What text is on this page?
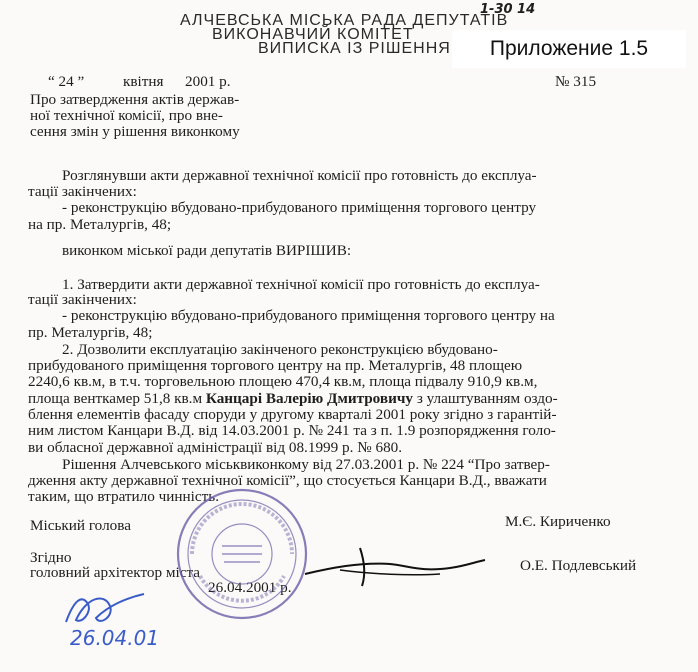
АЛЧЕВСЬКА МІСЬКА РАДА ДЕПУТАТІВ
ВИКОНАВЧИЙ КОМІТЕТ
ВИПИСКА ІЗ РІШЕННЯ
1-30 14
Приложение 1.5
“ 24 ”	квітня 2001 р.	№ 315
Про затвердження актів держав-
ної технічної комісії, про вне-
сення змін у рішення виконкому
Розглянувши акти державної технічної комісії про готовність до експлуа-
тації закінчених:
- реконструкцію вбудовано-прибудованого приміщення торгового центру
на пр. Металургів, 48;
виконком міської ради депутатів ВИРІШИВ:
1. Затвердити акти державної технічної комісії про готовність до експлуа-
тації закінчених:
- реконструкцію вбудовано-прибудованого приміщення торгового центру на
пр. Металургів, 48;
2. Дозволити експлуатацію закінченого реконструкцією вбудовано-
прибудованого приміщення торгового центру на пр. Металургів, 48 площею
2240,6 кв.м, в т.ч. торговельною площею 470,4 кв.м, площа підвалу 910,9 кв.м,
площа венткамер 51,8 кв.м Канцарі Валерію Дмитровичу з улаштуванням оздо-
блення елементів фасаду споруди у другому кварталі 2001 року згідно з гарантій-
ним листом Канцари В.Д. від 14.03.2001 р. № 241 та з п. 1.9 розпорядження голо-
ви обласної державної адміністрації від 08.1999 р. № 680.
Рішення Алчевського міськвиконкому від 27.03.2001 р. № 224 “Про затвер-
дження акту державної технічної комісії”, що стосується Канцари В.Д., вважати
таким, що втратило чинність.
Міський голова	М.Є. Кириченко
Згідно
головний архітектор міста	О.Е. Подлевський
26.04.2001 р.
26.04.01
